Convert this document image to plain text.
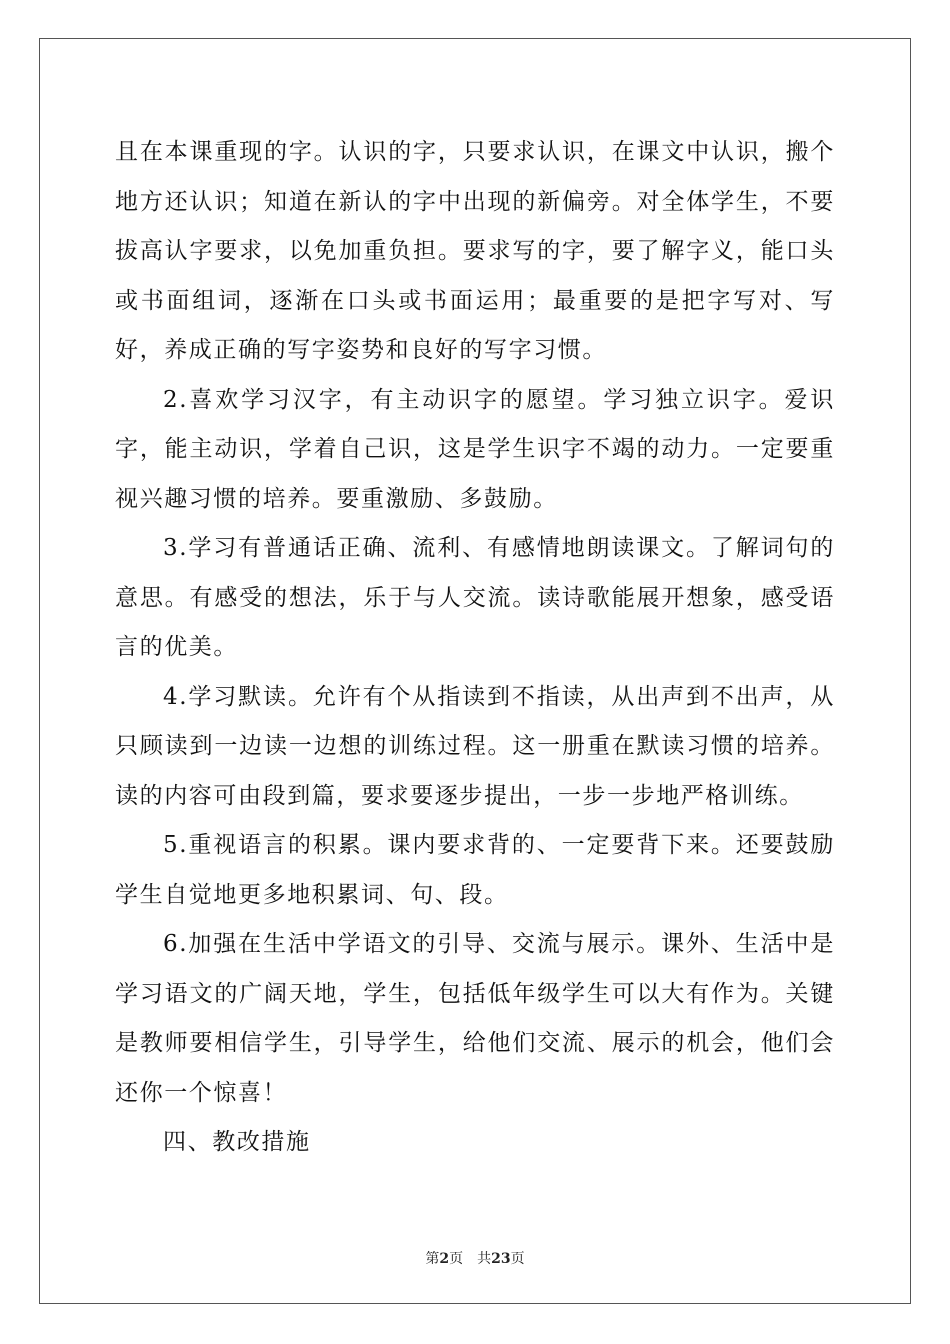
且在本课重现的字。认识的字，只要求认识，在课文中认识，搬个地方还认识；知道在新认的字中出现的新偏旁。对全体学生，不要拔高认字要求，以免加重负担。要求写的字，要了解字义，能口头或书面组词，逐渐在口头或书面运用；最重要的是把字写对、写好，养成正确的写字姿势和良好的写字习惯。

2.喜欢学习汉字，有主动识字的愿望。学习独立识字。爱识字，能主动识，学着自己识，这是学生识字不竭的动力。一定要重视兴趣习惯的培养。要重激励、多鼓励。

3.学习有普通话正确、流利、有感情地朗读课文。了解词句的意思。有感受的想法，乐于与人交流。读诗歌能展开想象，感受语言的优美。

4.学习默读。允许有个从指读到不指读，从出声到不出声，从只顾读到一边读一边想的训练过程。这一册重在默读习惯的培养。读的内容可由段到篇，要求要逐步提出，一步一步地严格训练。

5.重视语言的积累。课内要求背的、一定要背下来。还要鼓励学生自觉地更多地积累词、句、段。

6.加强在生活中学语文的引导、交流与展示。课外、生活中是学习语文的广阔天地，学生，包括低年级学生可以大有作为。关键是教师要相信学生，引导学生，给他们交流、展示的机会，他们会还你一个惊喜！

四、教改措施

第2页 共23页
